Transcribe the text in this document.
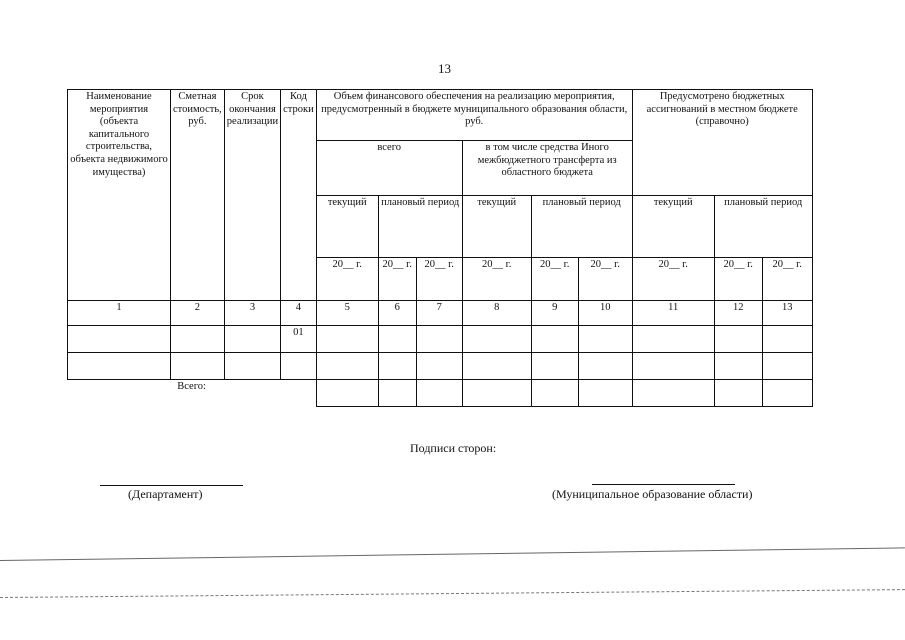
13
Наименование мероприятия (объекта капитального строительства, объекта недвижимого имущества)	Сметная стоимость, руб.	Срок окончания реализации	Код строки	Объем финансового обеспечения на реализацию мероприятия, предусмотренный в бюджете муниципального образования области, руб.						Предусмотрено бюджетных ассигнований в местном бюджете (справочно)		
				всего			в том числе средства Иного межбюджетного трансферта из областного бюджета					
				текущий	плановый период		текущий	плановый период		текущий	плановый период	
				20__ г.	20__ г.	20__ г.	20__ г.	20__ г.	20__ г.	20__ г.	20__ г.	20__ г.
1	2	3	4	5	6	7	8	9	10	11	12	13
			01									

Всего:												
Подписи сторон:
(Департамент)	(Муниципальное образование области)
